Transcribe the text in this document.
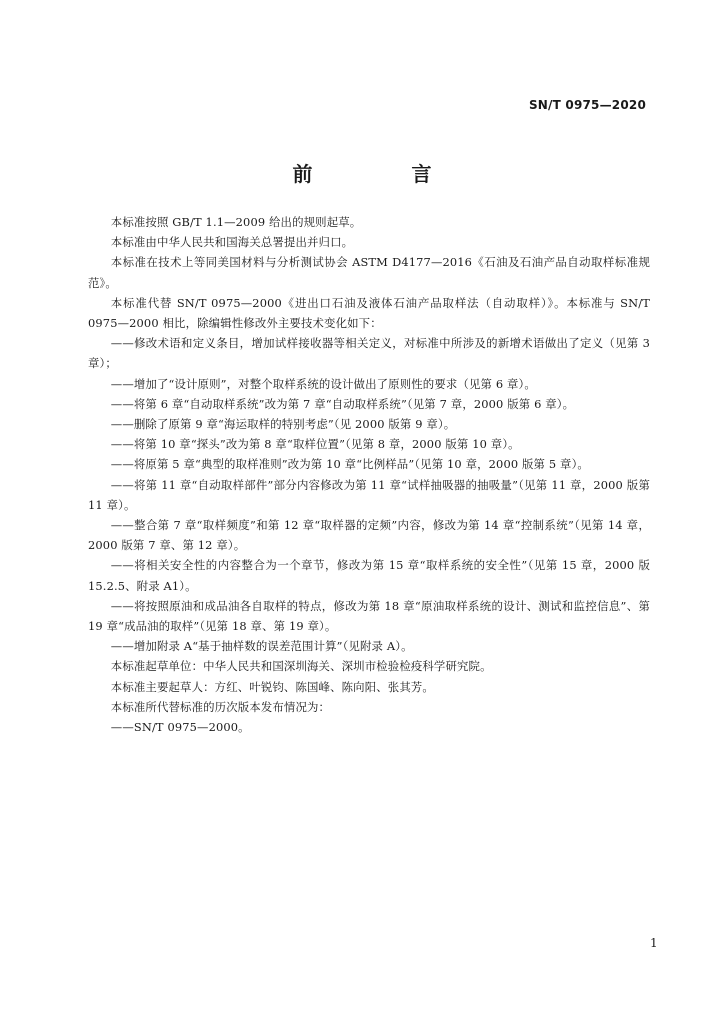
SN/T 0975—2020
前 言

本标准按照 GB/T 1.1—2009 给出的规则起草。

本标准由中华人民共和国海关总署提出并归口。

本标准在技术上等同美国材料与分析测试协会 ASTM D4177—2016《石油及石油产品自动取样标准规范》。

本标准代替 SN/T 0975—2000《进出口石油及液体石油产品取样法（自动取样）》。本标准与 SN/T 0975—2000 相比，除编辑性修改外主要技术变化如下：

——修改术语和定义条目，增加试样接收器等相关定义，对标准中所涉及的新增术语做出了定义（见第 3 章）；

——增加了“设计原则”，对整个取样系统的设计做出了原则性的要求（见第 6 章）。

——将第 6 章“自动取样系统”改为第 7 章“自动取样系统”（见第 7 章，2000 版第 6 章）。

——删除了原第 9 章“海运取样的特别考虑”（见 2000 版第 9 章）。

——将第 10 章“探头”改为第 8 章“取样位置”（见第 8 章，2000 版第 10 章）。

——将原第 5 章“典型的取样准则”改为第 10 章“比例样品”（见第 10 章，2000 版第 5 章）。

——将第 11 章“自动取样部件”部分内容修改为第 11 章“试样抽吸器的抽吸量”（见第 11 章，2000 版第 11 章）。

——整合第 7 章“取样频度”和第 12 章“取样器的定频”内容，修改为第 14 章“控制系统”（见第 14 章，2000 版第 7 章、第 12 章）。

——将相关安全性的内容整合为一个章节，修改为第 15 章“取样系统的安全性”（见第 15 章，2000 版 15.2.5、附录 A1）。

——将按照原油和成品油各自取样的特点，修改为第 18 章“原油取样系统的设计、测试和监控信息”、第 19 章“成品油的取样”（见第 18 章、第 19 章）。

——增加附录 A“基于抽样数的误差范围计算”（见附录 A）。

本标准起草单位：中华人民共和国深圳海关、深圳市检验检疫科学研究院。

本标准主要起草人：方红、叶锐钧、陈国峰、陈向阳、张其芳。

本标准所代替标准的历次版本发布情况为：

——SN/T 0975—2000。

1
